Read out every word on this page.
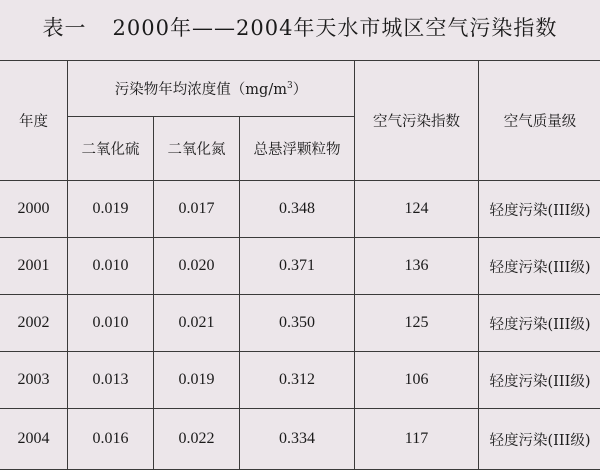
表一 2000年——2004年天水市城区空气污染指数
年度	污染物年均浓度值$(mg/m^3)$			空气污染指数	空气质量级
	二氧化硫	二氧化氮	总悬浮颗粒物		
2000	0.019	0.017	0.348	124	轻度污染(III级)
2001	0.010	0.020	0.371	136	轻度污染(III级)
2002	0.010	0.021	0.350	125	轻度污染(III级)
2003	0.013	0.019	0.312	106	轻度污染(III级)
2004	0.016	0.022	0.334	117	轻度污染(III级)
